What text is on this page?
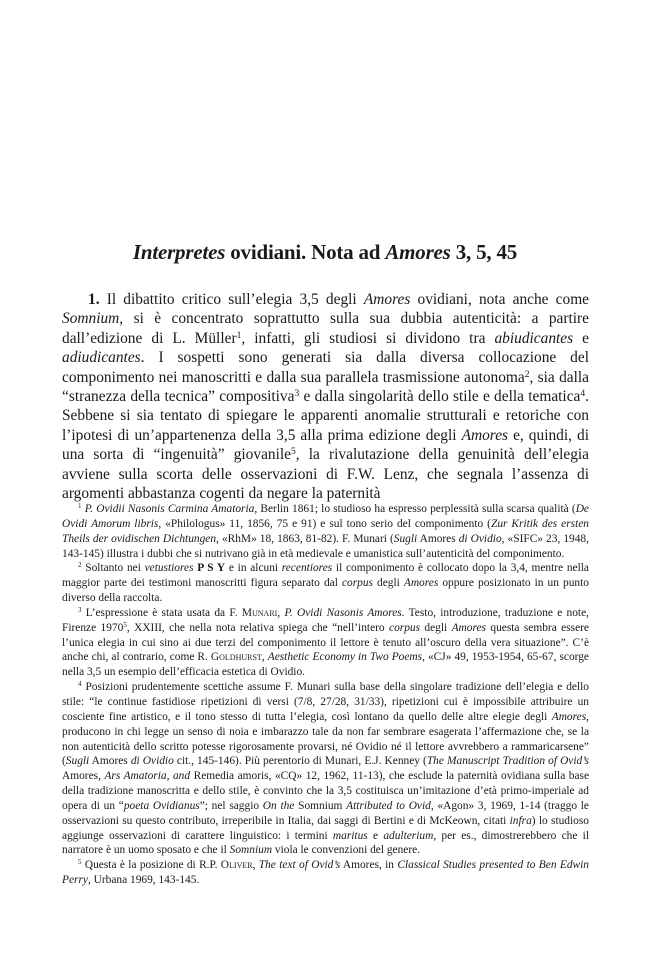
Interpretes ovidiani. Nota ad Amores 3, 5, 45

1. Il dibattito critico sull’elegia 3,5 degli Amores ovidiani, nota anche come Somnium, si è concentrato soprattutto sulla sua dubbia autenticità: a partire dall’edizione di L. Müller$^1$, infatti, gli studiosi si dividono tra abiudicantes e adiudicantes. I sospetti sono generati sia dalla diversa collocazione del componimento nei manoscritti e dalla sua parallela trasmissione autonoma$^2$, sia dalla “stranezza della tecnica” compositiva$^3$ e dalla singolarità dello stile e della tematica$^4$. Sebbene si sia tentato di spiegare le apparenti anomalie strutturali e retoriche con l’ipotesi di un’appartenenza della 3,5 alla prima edizione degli Amores e, quindi, di una sorta di “ingenuità” giovanile$^5$, la rivalutazione della genuinità dell’elegia avviene sulla scorta delle osservazioni di F.W. Lenz, che segnala l’assenza di argomenti abbastanza cogenti da negare la paternità

$^1$ P. Ovidii Nasonis Carmina Amatoria, Berlin 1861; lo studioso ha espresso perplessità sulla scarsa qualità (De Ovidi Amorum libris, «Philologus» 11, 1856, 75 e 91) e sul tono serio del componimento (Zur Kritik des ersten Theils der ovidischen Dichtungen, «RhM» 18, 1863, 81-82). F. Munari (Sugli Amores di Ovidio, «SIFC» 23, 1948, 143-145) illustra i dubbi che si nutrivano già in età medievale e umanistica sull’autenticità del componimento.

$^2$ Soltanto nei vetustiores P S Y e in alcuni recentiores il componimento è collocato dopo la 3,4, mentre nella maggior parte dei testimoni manoscritti figura separato dal corpus degli Amores oppure posizionato in un punto diverso della raccolta.

$^3$ L’espressione è stata usata da F. Munari, P. Ovidi Nasonis Amores. Testo, introduzione, traduzione e note, Firenze 1970$^5$, XXIII, che nella nota relativa spiega che “nell’intero corpus degli Amores questa sembra essere l’unica elegia in cui sino ai due terzi del componimento il lettore è tenuto all’oscuro della vera situazione”. C’è anche chi, al contrario, come R. Goldhurst, Aesthetic Economy in Two Poems, «CJ» 49, 1953-1954, 65-67, scorge nella 3,5 un esempio dell’efficacia estetica di Ovidio.

$^4$ Posizioni prudentemente scettiche assume F. Munari sulla base della singolare tradizione dell’elegia e dello stile: “le continue fastidiose ripetizioni di versi (7/8, 27/28, 31/33), ripetizioni cui è impossibile attribuire un cosciente fine artistico, e il tono stesso di tutta l’elegia, così lontano da quello delle altre elegie degli Amores, producono in chi legge un senso di noia e imbarazzo tale da non far sembrare esagerata l’affermazione che, se la non autenticità dello scritto potesse rigorosamente provarsi, né Ovidio né il lettore avvrebbero a rammaricarsene” (Sugli Amores di Ovidio cit., 145-146). Più perentorio di Munari, E.J. Kenney (The Manuscript Tradition of Ovid’s Amores, Ars Amatoria, and Remedia amoris, «CQ» 12, 1962, 11-13), che esclude la paternità ovidiana sulla base della tradizione manoscritta e dello stile, è convinto che la 3,5 costituisca un’imitazione d’età primo-imperiale ad opera di un “poeta Ovidianus”; nel saggio On the Somnium Attributed to Ovid, «Agon» 3, 1969, 1-14 (traggo le osservazioni su questo contributo, irreperibile in Italia, dai saggi di Bertini e di McKeown, citati infra) lo studioso aggiunge osservazioni di carattere linguistico: i termini maritus e adulterium, per es., dimostrerebbero che il narratore è un uomo sposato e che il Somnium viola le convenzioni del genere.

$^5$ Questa è la posizione di R.P. Oliver, The text of Ovid’s Amores, in Classical Studies presented to Ben Edwin Perry, Urbana 1969, 143-145.
